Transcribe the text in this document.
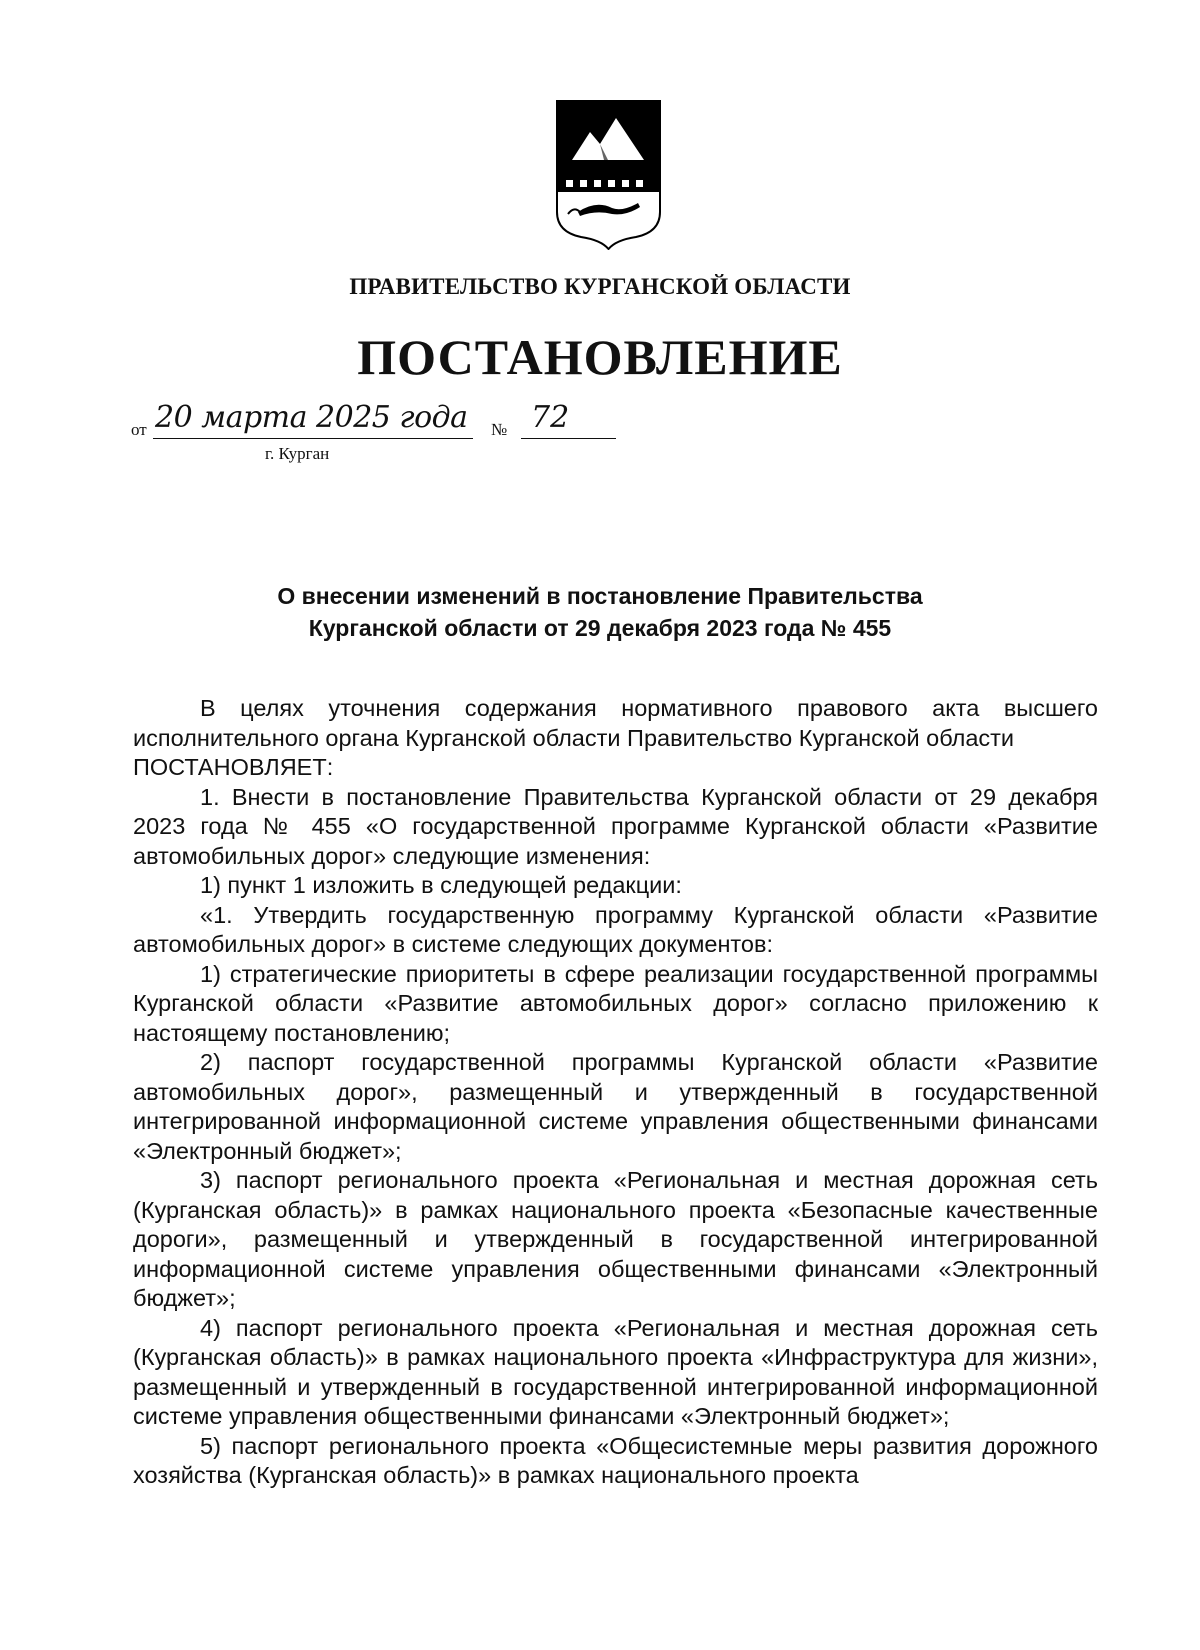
ПРАВИТЕЛЬСТВО КУРГАНСКОЙ ОБЛАСТИ
ПОСТАНОВЛЕНИЕ
от 20 марта 2025 года № 72
г. Курган
О внесении изменений в постановление Правительства
Курганской области от 29 декабря 2023 года № 455

В целях уточнения содержания нормативного правового акта высшего исполнительного органа Курганской области Правительство Курганской области

ПОСТАНОВЛЯЕТ:

1. Внести в постановление Правительства Курганской области от 29 декабря 2023 года № 455 «О государственной программе Курганской области «Развитие автомобильных дорог» следующие изменения:

1) пункт 1 изложить в следующей редакции:

«1. Утвердить государственную программу Курганской области «Развитие автомобильных дорог» в системе следующих документов:

1) стратегические приоритеты в сфере реализации государственной программы Курганской области «Развитие автомобильных дорог» согласно приложению к настоящему постановлению;

2) паспорт государственной программы Курганской области «Развитие автомобильных дорог», размещенный и утвержденный в государственной интегрированной информационной системе управления общественными финансами «Электронный бюджет»;

3) паспорт регионального проекта «Региональная и местная дорожная сеть (Курганская область)» в рамках национального проекта «Безопасные качественные дороги», размещенный и утвержденный в государственной интегрированной информационной системе управления общественными финансами «Электронный бюджет»;

4) паспорт регионального проекта «Региональная и местная дорожная сеть (Курганская область)» в рамках национального проекта «Инфраструктура для жизни», размещенный и утвержденный в государственной интегрированной информационной системе управления общественными финансами «Электронный бюджет»;

5) паспорт регионального проекта «Общесистемные меры развития дорожного хозяйства (Курганская область)» в рамках национального проекта
